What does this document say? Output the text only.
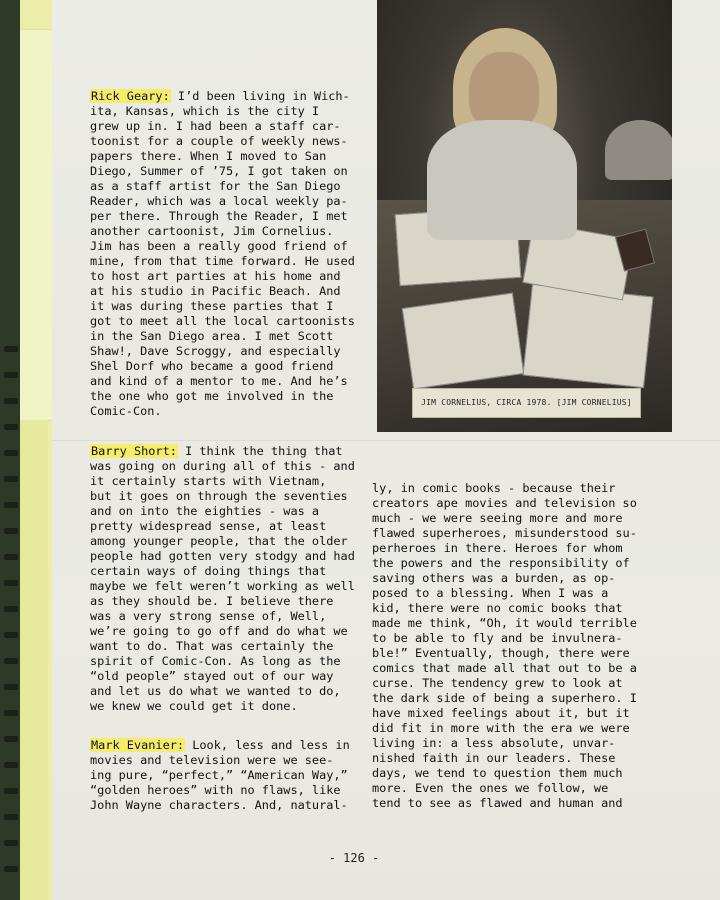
JIM CORNELIUS, CIRCA 1978. [JIM CORNELIUS]

Rick Geary: I’d been living in Wich-
ita, Kansas, which is the city I
grew up in. I had been a staff car-
toonist for a couple of weekly news-
papers there. When I moved to San
Diego, Summer of ’75, I got taken on
as a staff artist for the San Diego
Reader, which was a local weekly pa-
per there. Through the Reader, I met
another cartoonist, Jim Cornelius.
Jim has been a really good friend of
mine, from that time forward. He used
to host art parties at his home and
at his studio in Pacific Beach. And
it was during these parties that I
got to meet all the local cartoonists
in the San Diego area. I met Scott
Shaw!, Dave Scroggy, and especially
Shel Dorf who became a good friend
and kind of a mentor to me. And he’s
the one who got me involved in the
Comic-Con.

Barry Short: I think the thing that
was going on during all of this - and
it certainly starts with Vietnam,
but it goes on through the seventies
and on into the eighties - was a
pretty widespread sense, at least
among younger people, that the older
people had gotten very stodgy and had
certain ways of doing things that
maybe we felt weren’t working as well
as they should be. I believe there
was a very strong sense of, Well,
we’re going to go off and do what we
want to do. That was certainly the
spirit of Comic-Con. As long as the
“old people” stayed out of our way
and let us do what we wanted to do,
we knew we could get it done.

Mark Evanier: Look, less and less in
movies and television were we see-
ing pure, “perfect,” “American Way,”
“golden heroes” with no flaws, like
John Wayne characters. And, natural-

ly, in comic books - because their
creators ape movies and television so
much - we were seeing more and more
flawed superheroes, misunderstood su-
perheroes in there. Heroes for whom
the powers and the responsibility of
saving others was a burden, as op-
posed to a blessing. When I was a
kid, there were no comic books that
made me think, “Oh, it would terrible
to be able to fly and be invulnera-
ble!” Eventually, though, there were
comics that made all that out to be a
curse. The tendency grew to look at
the dark side of being a superhero. I
have mixed feelings about it, but it
did fit in more with the era we were
living in: a less absolute, unvar-
nished faith in our leaders. These
days, we tend to question them much
more. Even the ones we follow, we
tend to see as flawed and human and

- 126 -
